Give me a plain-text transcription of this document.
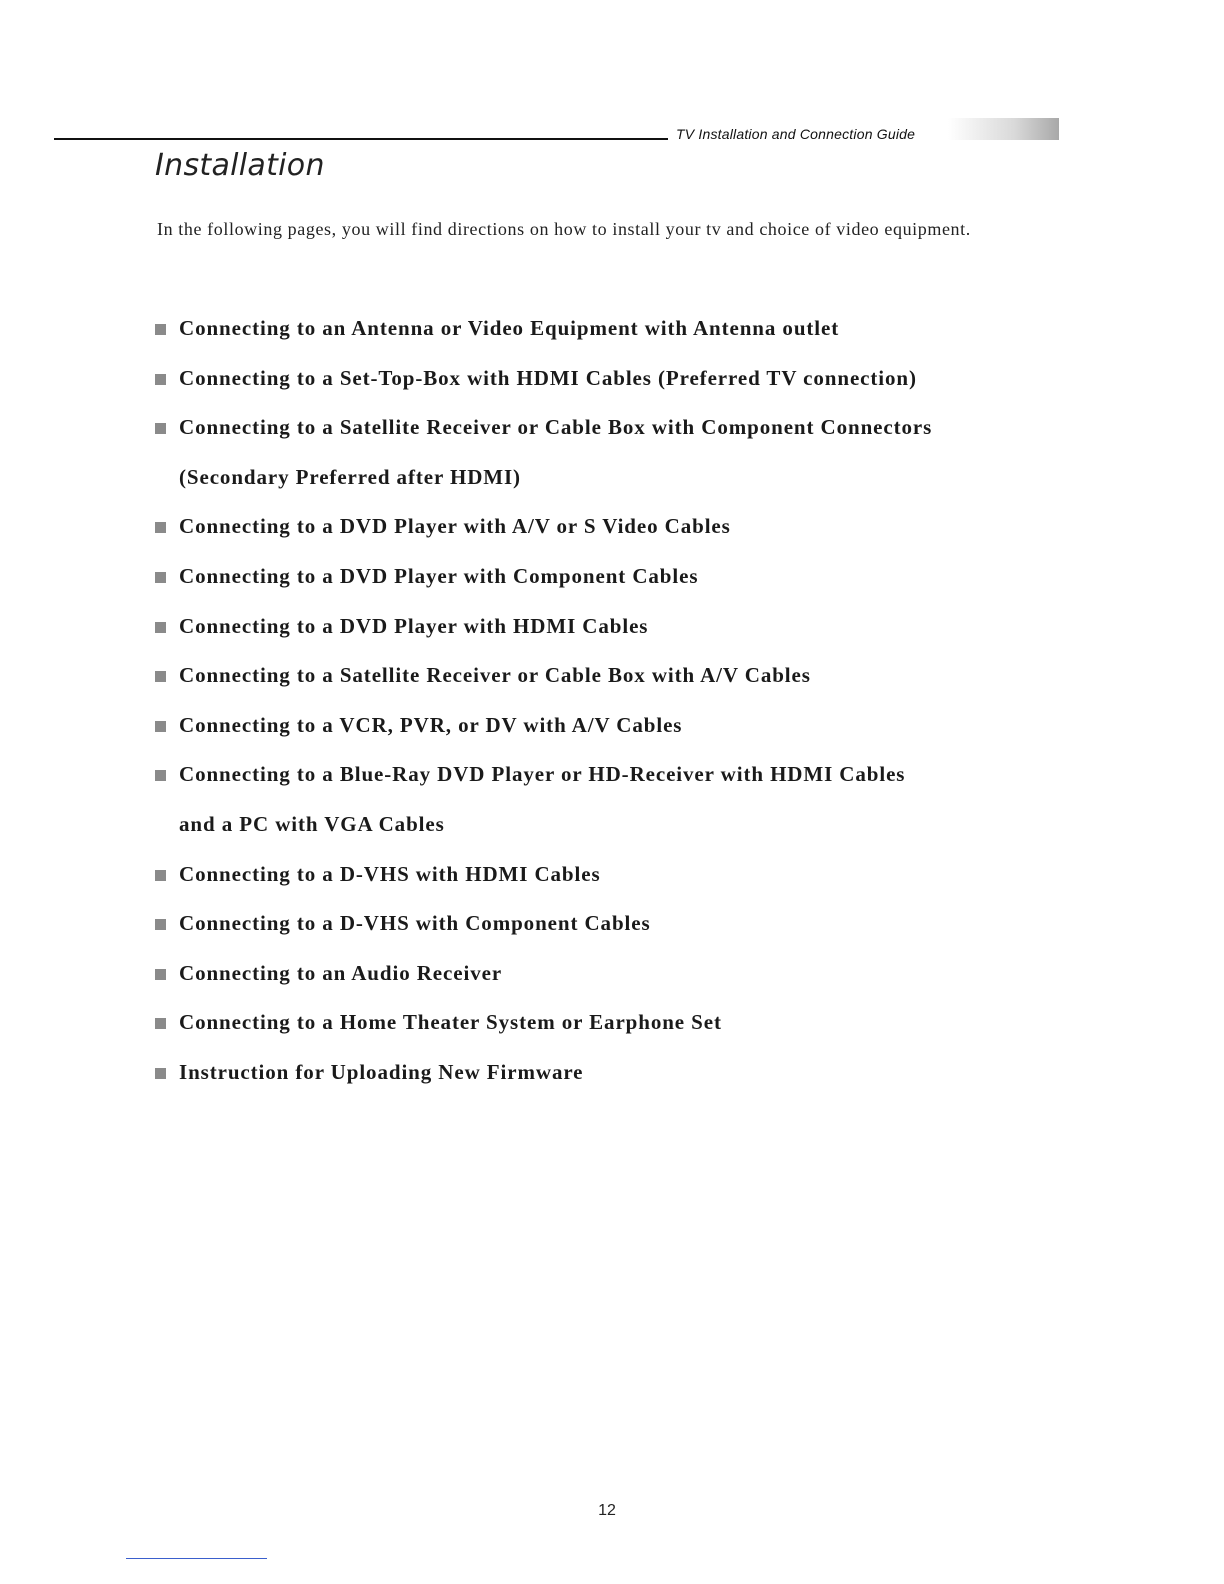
TV Installation and Connection Guide
Installation

In the following pages, you will find directions on how to install your tv and choice of video equipment.

Connecting to an Antenna or Video Equipment with Antenna outlet
Connecting to a Set-Top-Box with HDMI Cables (Preferred TV connection)
Connecting to a Satellite Receiver or Cable Box with Component Connectors
(Secondary Preferred after HDMI)
Connecting to a DVD Player with A/V or S Video Cables
Connecting to a DVD Player with Component Cables
Connecting to a DVD Player with HDMI Cables
Connecting to a Satellite Receiver or Cable Box with A/V Cables
Connecting to a VCR, PVR, or DV with A/V Cables
Connecting to a Blue-Ray DVD Player or HD-Receiver with HDMI Cables
and a PC with VGA Cables
Connecting to a D-VHS with HDMI Cables
Connecting to a D-VHS with Component Cables
Connecting to an Audio Receiver
Connecting to a Home Theater System or Earphone Set
Instruction for Uploading New Firmware
12
